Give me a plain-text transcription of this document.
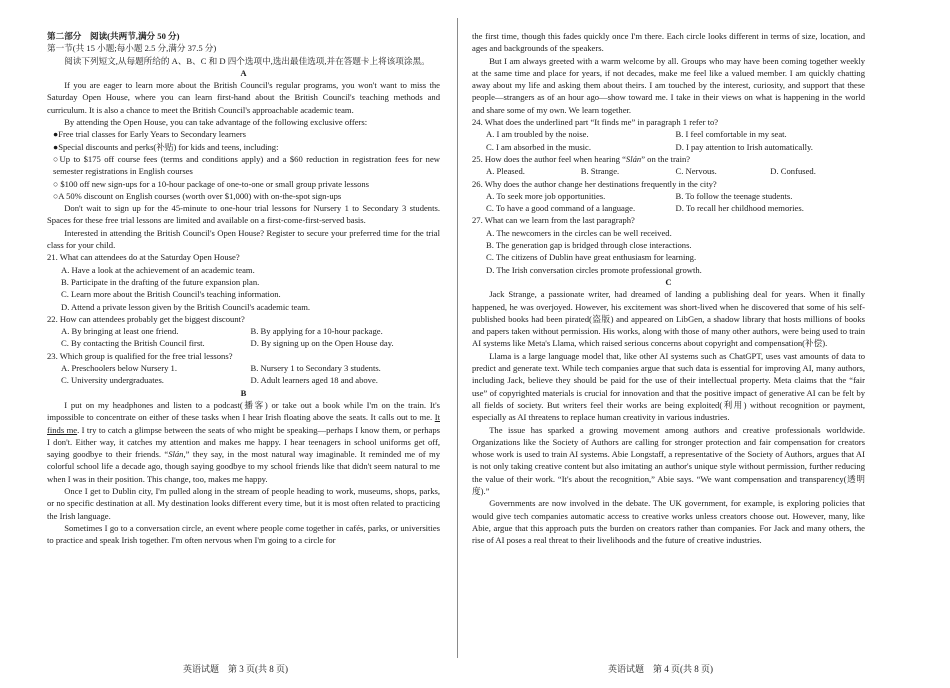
第二部分　阅读(共两节,满分 50 分)

第一节(共 15 小题;每小题 2.5 分,满分 37.5 分)

阅读下列短文,从每题所给的 A、B、C 和 D 四个选项中,选出最佳选项,并在答题卡上将该项涂黑。

A

If you are eager to learn more about the British Council's regular programs, you won't want to miss the Saturday Open House, where you can learn first-hand about the British Council's teaching methods and curriculum. It is also a chance to meet the British Council's approachable academic team.

By attending the Open House, you can take advantage of the following exclusive offers:

●Free trial classes for Early Years to Secondary learners

●Special discounts and perks(补贴) for kids and teens, including:

○Up to $175 off course fees (terms and conditions apply) and a $60 reduction in registration fees for new semester registrations in English courses

○ $100 off new sign-ups for a 10-hour package of one-to-one or small group private lessons

○A 50% discount on English courses (worth over $1,000) with on-the-spot sign-ups

Don't wait to sign up for the 45-minute to one-hour trial lessons for Nursery 1 to Secondary 3 students. Spaces for these free trial lessons are limited and available on a first-come-first-served basis.

Interested in attending the British Council's Open House? Register to secure your preferred time for the trial class for your child.

21. What can attendees do at the Saturday Open House?

A. Have a look at the achievement of an academic team.

B. Participate in the drafting of the future expansion plan.

C. Learn more about the British Council's teaching information.

D. Attend a private lesson given by the British Council's academic team.

22. How can attendees probably get the biggest discount?

A. By bringing at least one friend.	B. By applying for a 10-hour package.
C. By contacting the British Council first.	D. By signing up on the Open House day.

23. Which group is qualified for the free trial lessons?

A. Preschoolers below Nursery 1.	B. Nursery 1 to Secondary 3 students.
C. University undergraduates.	D. Adult learners aged 18 and above.

B

I put on my headphones and listen to a podcast(播客) or take out a book while I'm on the train. It's impossible to concentrate on either of these tasks when I hear Irish floating above the seats. It calls out to me. It finds me. I try to catch a glimpse between the seats of who might be speaking—perhaps I know them, or perhaps I don't. Either way, it catches my attention and makes me happy. I hear teenagers in school uniforms get off, saying goodbye to their friends. “Slán,” they say, in the most natural way imaginable. It reminded me of my colorful school life a decade ago, though saying goodbye to my school friends like that didn't seem natural to me when I was in their position. This change, too, makes me happy.

Once I get to Dublin city, I'm pulled along in the stream of people heading to work, museums, shops, parks, or no specific destination at all. My destination looks different every time, but it is most often related to practicing the Irish language.

Sometimes I go to a conversation circle, an event where people come together in cafés, parks, or universities to practice and speak Irish together. I'm often nervous when I'm going to a circle for

the first time, though this fades quickly once I'm there. Each circle looks different in terms of size, location, and ages and backgrounds of the speakers.

But I am always greeted with a warm welcome by all. Groups who may have been coming together weekly at the same time and place for years, if not decades, make me feel like a valued member. I am quickly chatting away about my life and asking them about theirs. I am touched by the interest, curiosity, and support that these people—strangers as of an hour ago—show toward me. I take in their views on what is happening in the world and share some of my own. We learn together.

24. What does the underlined part “It finds me” in paragraph 1 refer to?

A. I am troubled by the noise.	B. I feel comfortable in my seat.
C. I am absorbed in the music.	D. I pay attention to Irish automatically.

25. How does the author feel when hearing “Slán” on the train?

A. Pleased.	B. Strange.	C. Nervous.	D. Confused.

26. Why does the author change her destinations frequently in the city?

A. To seek more job opportunities.	B. To follow the teenage students.
C. To have a good command of a language.	D. To recall her childhood memories.

27. What can we learn from the last paragraph?

A. The newcomers in the circles can be well received.

B. The generation gap is bridged through close interactions.

C. The citizens of Dublin have great enthusiasm for learning.

D. The Irish conversation circles promote professional growth.

C

Jack Strange, a passionate writer, had dreamed of landing a publishing deal for years. When it finally happened, he was overjoyed. However, his excitement was short-lived when he discovered that some of his self-published books had been pirated(盗版) and appeared on LibGen, a shadow library that hosts millions of books and papers taken without permission. His works, along with those of many other authors, were being used to train AI systems like Meta's Llama, which raised serious concerns about copyright and compensation(补偿).

Llama is a large language model that, like other AI systems such as ChatGPT, uses vast amounts of data to predict and generate text. While tech companies argue that such data is essential for improving AI, many authors, including Jack, believe they should be paid for the use of their intellectual property. Meta claims that the “fair use” of copyrighted materials is crucial for innovation and that the positive impact of generative AI can be felt by all fields of society. But writers feel their works are being exploited(利用) without recognition or payment, especially as AI threatens to replace human creativity in various industries.

The issue has sparked a growing movement among authors and creative professionals worldwide. Organizations like the Society of Authors are calling for stronger protection and fair compensation for creators whose work is used to train AI systems. Abie Longstaff, a representative of the Society of Authors, argues that AI is not only taking creative content but also imitating an author's unique style without permission, further reducing the value of their work. “It's about the recognition,” Abie says. “We want compensation and transparency(透明度).”

Governments are now involved in the debate. The UK government, for example, is exploring policies that would give tech companies automatic access to creative works unless creators choose out. However, many, like Abie, argue that this approach puts the burden on creators rather than companies. For Jack and many others, the rise of AI poses a real threat to their livelihoods and the future of creative industries.

英语试题　第 3 页(共 8 页)	英语试题　第 4 页(共 8 页)
